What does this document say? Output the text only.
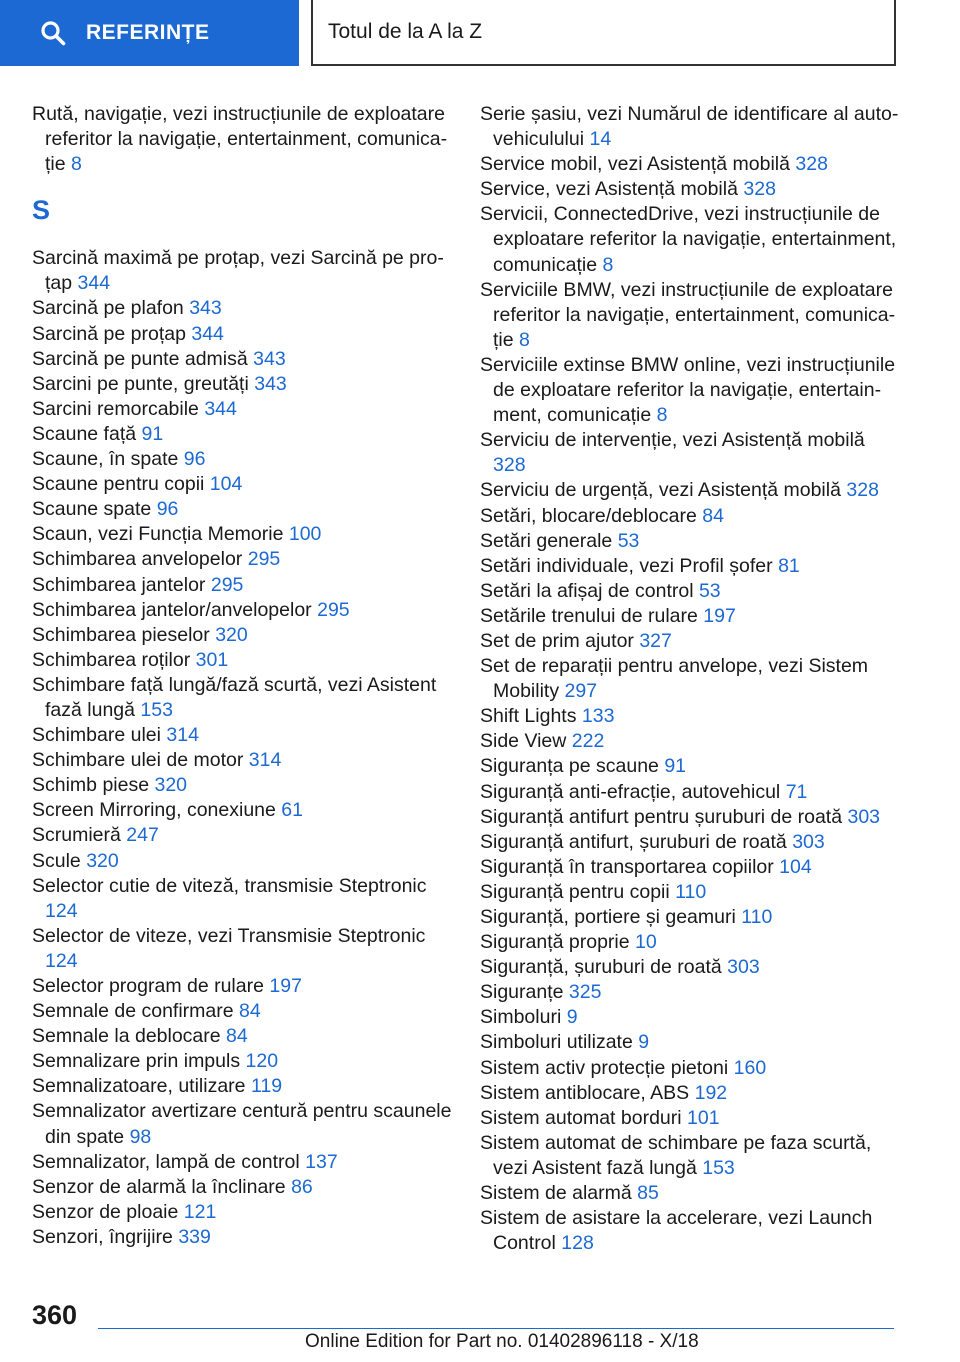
REFERINȚE	Totul de la A la Z
Rută, navigație, vezi instrucțiunile de exploatare referitor la navigație, entertainment, comunicație 8
S
Sarcină maximă pe proțap, vezi Sarcină pe proțap 344
Sarcină pe plafon 343
Sarcină pe proțap 344
Sarcină pe punte admisă 343
Sarcini pe punte, greutăți 343
Sarcini remorcabile 344
Scaune față 91
Scaune, în spate 96
Scaune pentru copii 104
Scaune spate 96
Scaun, vezi Funcția Memorie 100
Schimbarea anvelopelor 295
Schimbarea jantelor 295
Schimbarea jantelor/anvelopelor 295
Schimbarea pieselor 320
Schimbarea roților 301
Schimbare față lungă/fază scurtă, vezi Asistent fază lungă 153
Schimbare ulei 314
Schimbare ulei de motor 314
Schimb piese 320
Screen Mirroring, conexiune 61
Scrumieră 247
Scule 320
Selector cutie de viteză, transmisie Steptronic 124
Selector de viteze, vezi Transmisie Steptronic 124
Selector program de rulare 197
Semnale de confirmare 84
Semnale la deblocare 84
Semnalizare prin impuls 120
Semnalizatoare, utilizare 119
Semnalizator avertizare centură pentru scaunele din spate 98
Semnalizator, lampă de control 137
Senzor de alarmă la înclinare 86
Senzor de ploaie 121
Senzori, îngrijire 339
Serie șasiu, vezi Numărul de identificare al autovehiculului 14
Service mobil, vezi Asistență mobilă 328
Service, vezi Asistență mobilă 328
Servicii, ConnectedDrive, vezi instrucțiunile de exploatare referitor la navigație, entertainment, comunicație 8
Serviciile BMW, vezi instrucțiunile de exploatare referitor la navigație, entertainment, comunicație 8
Serviciile extinse BMW online, vezi instrucțiunile de exploatare referitor la navigație, entertainment, comunicație 8
Serviciu de intervenție, vezi Asistență mobilă 328
Serviciu de urgență, vezi Asistență mobilă 328
Setări, blocare/deblocare 84
Setări generale 53
Setări individuale, vezi Profil șofer 81
Setări la afișaj de control 53
Setările trenului de rulare 197
Set de prim ajutor 327
Set de reparații pentru anvelope, vezi Sistem Mobility 297
Shift Lights 133
Side View 222
Siguranța pe scaune 91
Siguranță anti-efracție, autovehicul 71
Siguranță antifurt pentru șuruburi de roată 303
Siguranță antifurt, șuruburi de roată 303
Siguranță în transportarea copiilor 104
Siguranță pentru copii 110
Siguranță, portiere și geamuri 110
Siguranță proprie 10
Siguranță, șuruburi de roată 303
Siguranțe 325
Simboluri 9
Simboluri utilizate 9
Sistem activ protecție pietoni 160
Sistem antiblocare, ABS 192
Sistem automat borduri 101
Sistem automat de schimbare pe faza scurtă, vezi Asistent fază lungă 153
Sistem de alarmă 85
Sistem de asistare la accelerare, vezi Launch Control 128
360
Online Edition for Part no. 01402896118 - X/18
